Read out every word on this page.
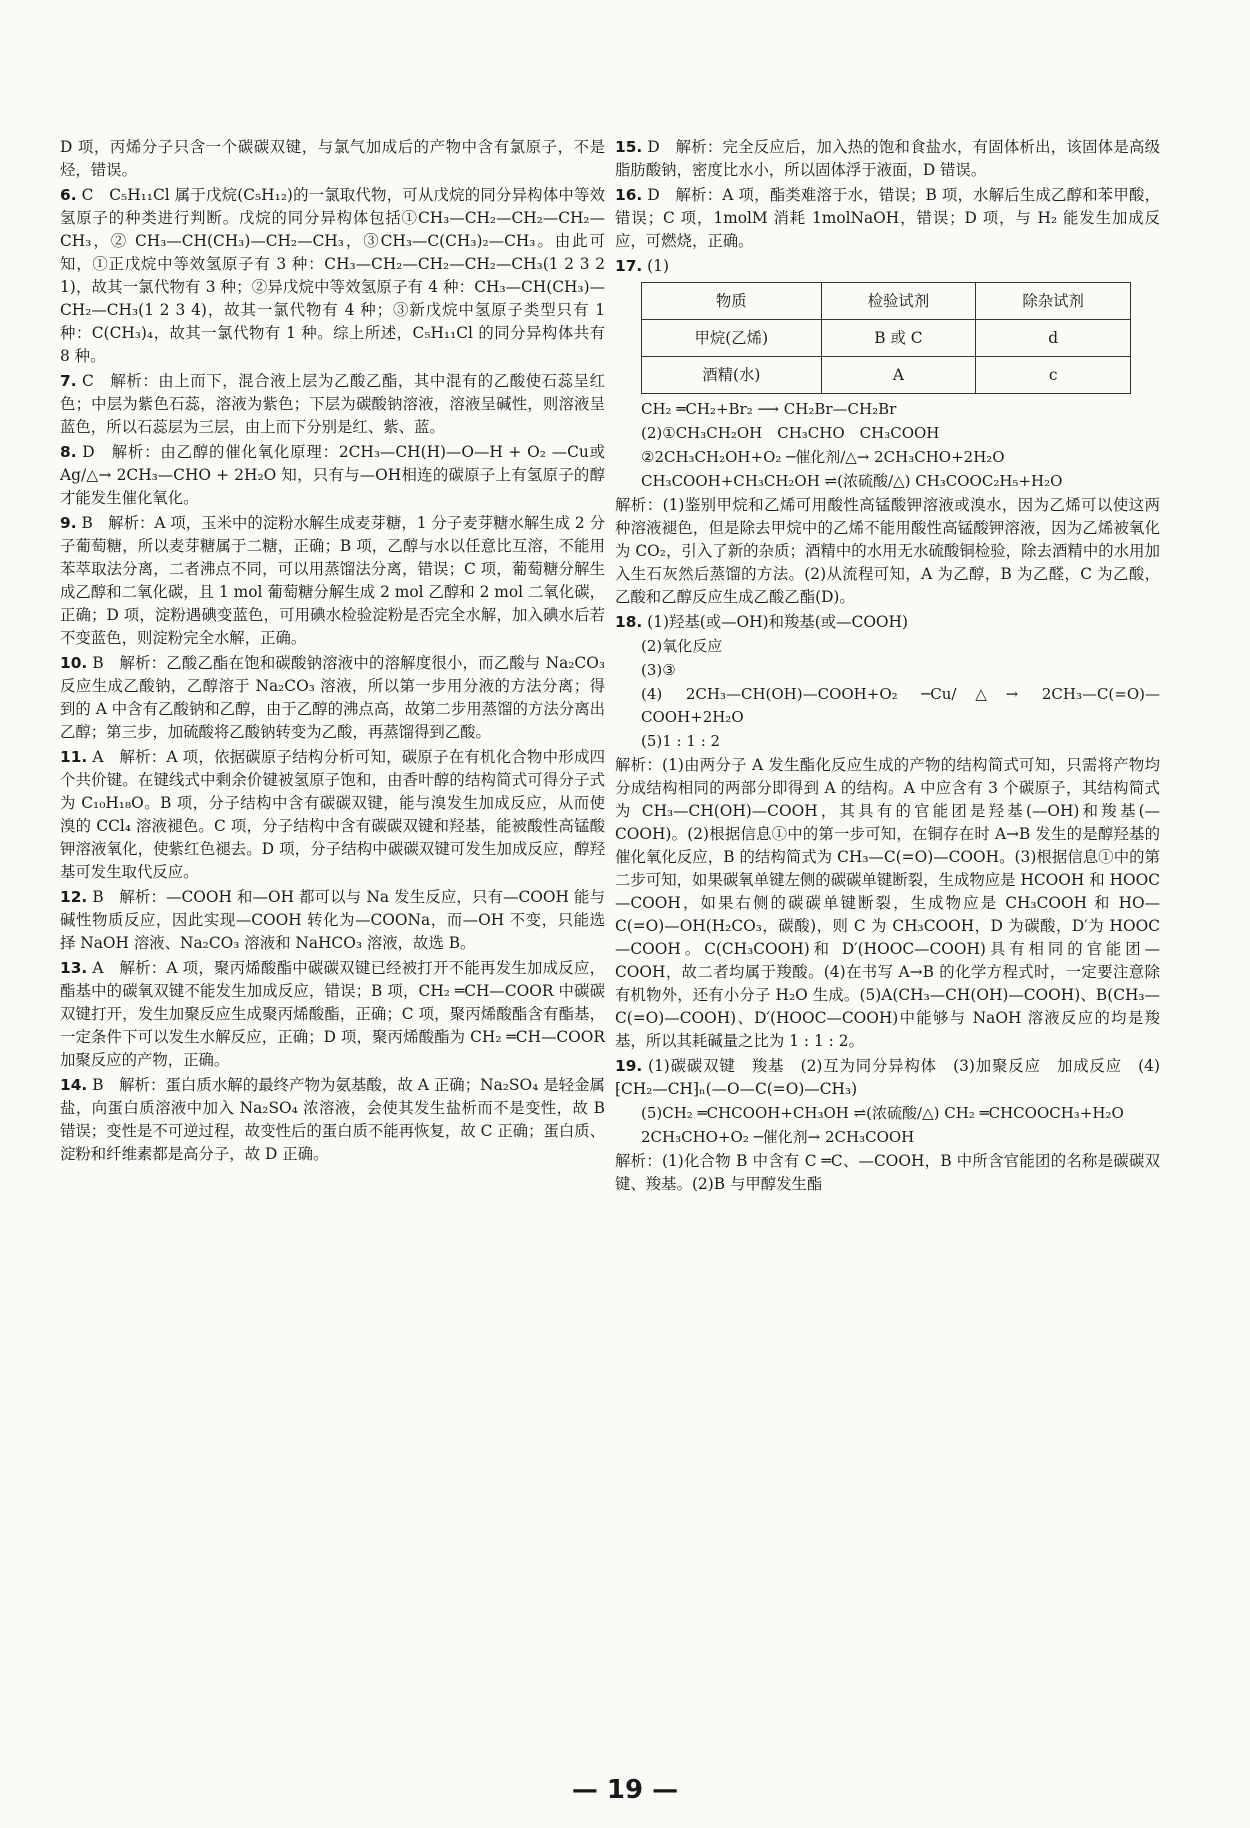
D 项，丙烯分子只含一个碳碳双键，与氯气加成后的产物中含有氯原子，不是烃，错误。
6. C　C₅H₁₁Cl 属于戊烷(C₅H₁₂)的一氯取代物，可从戊烷的同分异构体中等效氢原子的种类进行判断。戊烷的同分异构体包括①CH₃—CH₂—CH₂—CH₂—CH₃，② CH₃—CH(CH₃)—CH₂—CH₃，③CH₃—C(CH₃)₂—CH₃。由此可知，①正戊烷中等效氢原子有 3 种：CH₃—CH₂—CH₂—CH₂—CH₃(1 2 3 2 1)，故其一氯代物有 3 种；②异戊烷中等效氢原子有 4 种：CH₃—CH(CH₃)—CH₂—CH₃(1 2 3 4)，故其一氯代物有 4 种；③新戊烷中氢原子类型只有 1 种：C(CH₃)₄，故其一氯代物有 1 种。综上所述，C₅H₁₁Cl 的同分异构体共有 8 种。
7. C　解析：由上而下，混合液上层为乙酸乙酯，其中混有的乙酸使石蕊呈红色；中层为紫色石蕊，溶液为紫色；下层为碳酸钠溶液，溶液呈碱性，则溶液呈蓝色，所以石蕊层为三层，由上而下分别是红、紫、蓝。
8. D　解析：由乙醇的催化氧化原理：2CH₃—CH(H)—O—H + O₂ —Cu或Ag/△→ 2CH₃—CHO + 2H₂O 知，只有与—OH相连的碳原子上有氢原子的醇才能发生催化氧化。
9. B　解析：A 项，玉米中的淀粉水解生成麦芽糖，1 分子麦芽糖水解生成 2 分子葡萄糖，所以麦芽糖属于二糖，正确；B 项，乙醇与水以任意比互溶，不能用苯萃取法分离，二者沸点不同，可以用蒸馏法分离，错误；C 项，葡萄糖分解生成乙醇和二氧化碳，且 1 mol 葡萄糖分解生成 2 mol 乙醇和 2 mol 二氧化碳，正确；D 项，淀粉遇碘变蓝色，可用碘水检验淀粉是否完全水解，加入碘水后若不变蓝色，则淀粉完全水解，正确。
10. B　解析：乙酸乙酯在饱和碳酸钠溶液中的溶解度很小，而乙酸与 Na₂CO₃ 反应生成乙酸钠，乙醇溶于 Na₂CO₃ 溶液，所以第一步用分液的方法分离；得到的 A 中含有乙酸钠和乙醇，由于乙醇的沸点高，故第二步用蒸馏的方法分离出乙醇；第三步，加硫酸将乙酸钠转变为乙酸，再蒸馏得到乙酸。
11. A　解析：A 项，依据碳原子结构分析可知，碳原子在有机化合物中形成四个共价键。在键线式中剩余价键被氢原子饱和，由香叶醇的结构简式可得分子式为 C₁₀H₁₈O。B 项，分子结构中含有碳碳双键，能与溴发生加成反应，从而使溴的 CCl₄ 溶液褪色。C 项，分子结构中含有碳碳双键和羟基，能被酸性高锰酸钾溶液氧化，使紫红色褪去。D 项，分子结构中碳碳双键可发生加成反应，醇羟基可发生取代反应。
12. B　解析：—COOH 和—OH 都可以与 Na 发生反应，只有—COOH 能与碱性物质反应，因此实现—COOH 转化为—COONa，而—OH 不变，只能选择 NaOH 溶液、Na₂CO₃ 溶液和 NaHCO₃ 溶液，故选 B。
13. A　解析：A 项，聚丙烯酸酯中碳碳双键已经被打开不能再发生加成反应，酯基中的碳氧双键不能发生加成反应，错误；B 项，CH₂ ═CH—COOR 中碳碳双键打开，发生加聚反应生成聚丙烯酸酯，正确；C 项，聚丙烯酸酯含有酯基，一定条件下可以发生水解反应，正确；D 项，聚丙烯酸酯为 CH₂ ═CH—COOR 加聚反应的产物，正确。
14. B　解析：蛋白质水解的最终产物为氨基酸，故 A 正确；Na₂SO₄ 是轻金属盐，向蛋白质溶液中加入 Na₂SO₄ 浓溶液，会使其发生盐析而不是变性，故 B 错误；变性是不可逆过程，故变性后的蛋白质不能再恢复，故 C 正确；蛋白质、淀粉和纤维素都是高分子，故 D 正确。
15. D　解析：完全反应后，加入热的饱和食盐水，有固体析出，该固体是高级脂肪酸钠，密度比水小，所以固体浮于液面，D 错误。
16. D　解析：A 项，酯类难溶于水，错误；B 项，水解后生成乙醇和苯甲酸，错误；C 项，1molM 消耗 1molNaOH，错误；D 项，与 H₂ 能发生加成反应，可燃烧，正确。
17. (1)
物质	检验试剂	除杂试剂
甲烷(乙烯)	B 或 C	d
酒精(水)	A	c
CH₂ ═CH₂+Br₂ ⟶ CH₂Br—CH₂Br
(2)①CH₃CH₂OH　CH₃CHO　CH₃COOH
②2CH₃CH₂OH+O₂ ─催化剂/△→ 2CH₃CHO+2H₂O
CH₃COOH+CH₃CH₂OH ⇌(浓硫酸/△) CH₃COOC₂H₅+H₂O
解析：(1)鉴别甲烷和乙烯可用酸性高锰酸钾溶液或溴水，因为乙烯可以使这两种溶液褪色，但是除去甲烷中的乙烯不能用酸性高锰酸钾溶液，因为乙烯被氧化为 CO₂，引入了新的杂质；酒精中的水用无水硫酸铜检验，除去酒精中的水用加入生石灰然后蒸馏的方法。(2)从流程可知，A 为乙醇，B 为乙醛，C 为乙酸，乙酸和乙醇反应生成乙酸乙酯(D)。
18. (1)羟基(或—OH)和羧基(或—COOH)
(2)氧化反应
(3)③
(4) 2CH₃—CH(OH)—COOH+O₂ ─Cu/△→ 2CH₃—C(=O)—COOH+2H₂O
(5)1 : 1 : 2
解析：(1)由两分子 A 发生酯化反应生成的产物的结构简式可知，只需将产物均分成结构相同的两部分即得到 A 的结构。A 中应含有 3 个碳原子，其结构简式为 CH₃—CH(OH)—COOH，其具有的官能团是羟基(—OH)和羧基(—COOH)。(2)根据信息①中的第一步可知，在铜存在时 A→B 发生的是醇羟基的催化氧化反应，B 的结构简式为 CH₃—C(=O)—COOH。(3)根据信息①中的第二步可知，如果碳氧单键左侧的碳碳单键断裂，生成物应是 HCOOH 和 HOOC—COOH，如果右侧的碳碳单键断裂，生成物应是 CH₃COOH 和 HO—C(=O)—OH(H₂CO₃，碳酸)，则 C 为 CH₃COOH，D 为碳酸，D′为 HOOC—COOH。C(CH₃COOH)和 D′(HOOC—COOH)具有相同的官能团—COOH，故二者均属于羧酸。(4)在书写 A→B 的化学方程式时，一定要注意除有机物外，还有小分子 H₂O 生成。(5)A(CH₃—CH(OH)—COOH)、B(CH₃—C(=O)—COOH)、D′(HOOC—COOH)中能够与 NaOH 溶液反应的均是羧基，所以其耗碱量之比为 1 : 1 : 2。
19. (1)碳碳双键　羧基　(2)互为同分异构体　(3)加聚反应　加成反应　(4) ⁅CH₂—CH⁆ₙ(—O—C(=O)—CH₃)
(5)CH₂ ═CHCOOH+CH₃OH ⇌(浓硫酸/△) CH₂ ═CHCOOCH₃+H₂O
2CH₃CHO+O₂ ─催化剂→ 2CH₃COOH
解析：(1)化合物 B 中含有 C ═C、—COOH，B 中所含官能团的名称是碳碳双键、羧基。(2)B 与甲醇发生酯
— 19 —
